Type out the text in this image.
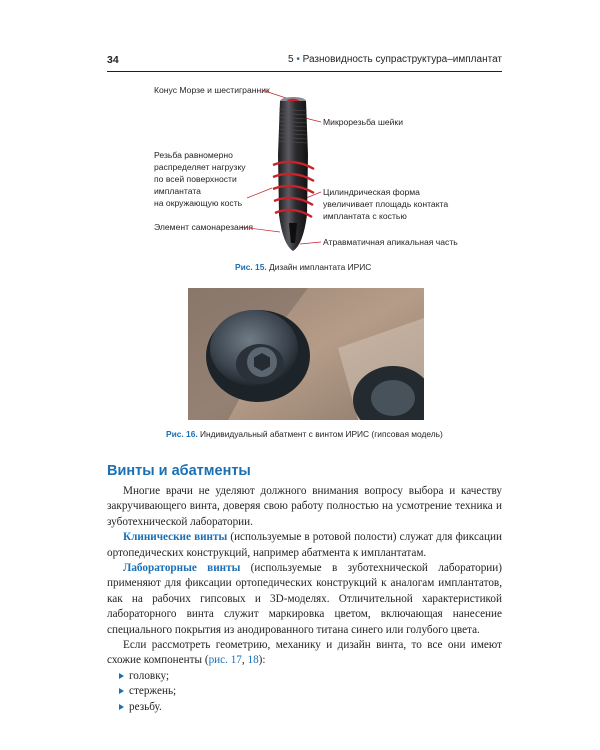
34	5 • Разновидность супраструктура–имплантат
Конус Морзе и шестигранник
Резьба равномерно
распределяет нагрузку
по всей поверхности
имплантата
на окружающую кость
Элемент самонарезания
Микрорезьба шейки
Цилиндрическая форма
увеличивает площадь контакта
имплантата с костью
Атравматичная апикальная часть
Рис. 15. Дизайн имплантата ИРИС
Рис. 16. Индивидуальный абатмент с винтом ИРИС (гипсовая модель)
Винты и абатменты

Многие врачи не уделяют должного внимания вопросу выбора и качеству закручивающего винта, доверяя свою работу полностью на усмотрение техника и зуботехнической лаборатории.

Клинические винты (используемые в ротовой полости) служат для фиксации ортопедических конструкций, например абатмента к имплантатам.

Лабораторные винты (используемые в зуботехнической лаборатории) применяют для фиксации ортопедических конструкций к аналогам имплантатов, как на рабочих гипсовых и 3D-моделях. Отличительной характеристикой лабораторного винта служит маркировка цветом, включающая нанесение специального покрытия из анодированного титана синего или голубого цвета.

Если рассмотреть геометрию, механику и дизайн винта, то все они имеют схожие компоненты (рис. 17, 18):

головку;
стержень;
резьбу.
